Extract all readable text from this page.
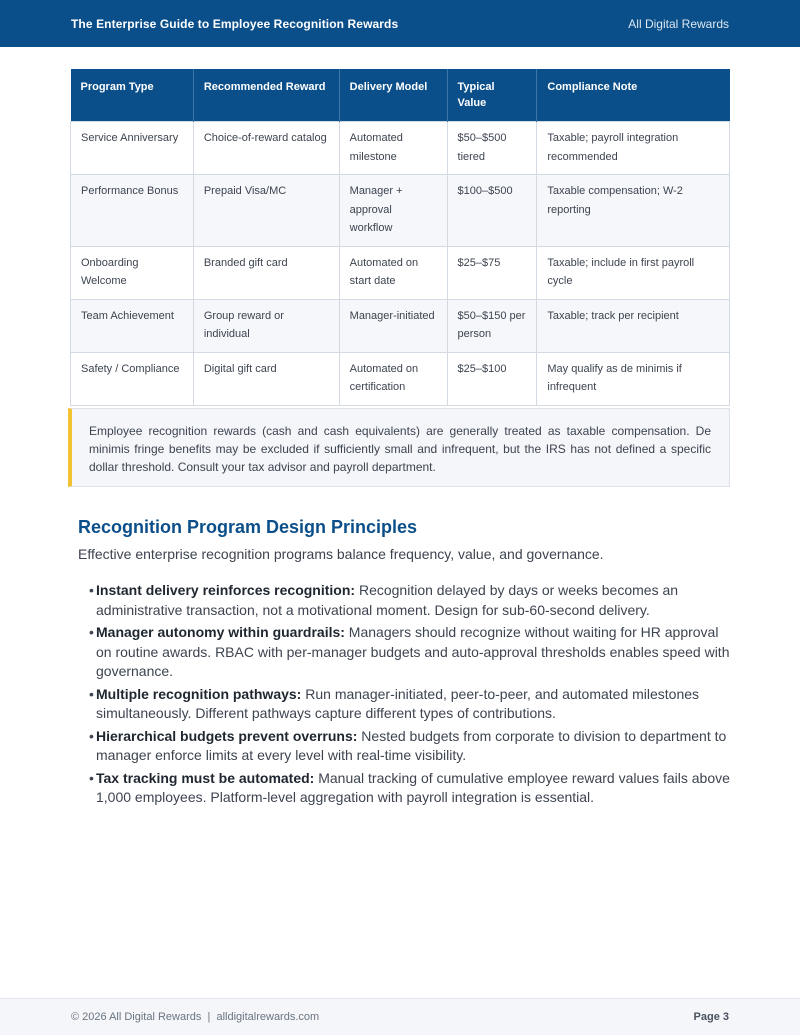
The Enterprise Guide to Employee Recognition Rewards	All Digital Rewards
Program Type	Recommended Reward	Delivery Model	Typical Value	Compliance Note
Service Anniversary	Choice-of-reward catalog	Automated milestone	$50–$500 tiered	Taxable; payroll integration recommended
Performance Bonus	Prepaid Visa/MC	Manager + approval workflow	$100–$500	Taxable compensation; W-2 reporting
Onboarding Welcome	Branded gift card	Automated on start date	$25–$75	Taxable; include in first payroll cycle
Team Achievement	Group reward or individual	Manager-initiated	$50–$150 per person	Taxable; track per recipient
Safety / Compliance	Digital gift card	Automated on certification	$25–$100	May qualify as de minimis if infrequent
Employee recognition rewards (cash and cash equivalents) are generally treated as taxable compensation. De minimis fringe benefits may be excluded if sufficiently small and infrequent, but the IRS has not defined a specific dollar threshold. Consult your tax advisor and payroll department.
Recognition Program Design Principles

Effective enterprise recognition programs balance frequency, value, and governance.

• Instant delivery reinforces recognition: Recognition delayed by days or weeks becomes an administrative transaction, not a motivational moment. Design for sub-60-second delivery.
• Manager autonomy within guardrails: Managers should recognize without waiting for HR approval on routine awards. RBAC with per-manager budgets and auto-approval thresholds enables speed with governance.
• Multiple recognition pathways: Run manager-initiated, peer-to-peer, and automated milestones simultaneously. Different pathways capture different types of contributions.
• Hierarchical budgets prevent overruns: Nested budgets from corporate to division to department to manager enforce limits at every level with real-time visibility.
• Tax tracking must be automated: Manual tracking of cumulative employee reward values fails above 1,000 employees. Platform-level aggregation with payroll integration is essential.
© 2026 All Digital Rewards  |  alldigitalrewards.com	Page 3
